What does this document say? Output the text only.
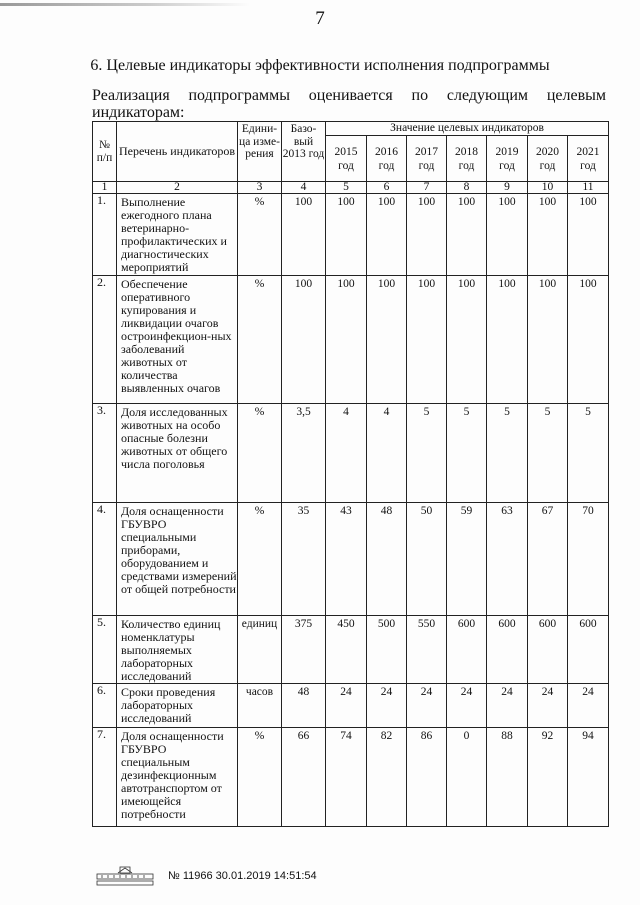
7
6. Целевые индикаторы эффективности исполнения подпрограммы
Реализация подпрограммы оценивается по следующим целевым
индикаторам:
№ п/п	Перечень индикаторов	Едини-ца изме-рения	Базо-вый 2013 год	Значение целевых индикаторов						
				2015 год	2016 год	2017 год	2018 год	2019 год	2020 год	2021 год
1	2	3	4	5	6	7	8	9	10	11
1.	Выполнение ежегодного плана ветеринарно-профилактических и диагностических мероприятий	%	100	100	100	100	100	100	100	100
2.	Обеспечение оперативного купирования и ликвидации очагов остроинфекцион-ных заболеваний животных от количества выявленных очагов	%	100	100	100	100	100	100	100	100
3.	Доля исследованных животных на особо опасные болезни животных от общего числа поголовья	%	3,5	4	4	5	5	5	5	5
4.	Доля оснащенности ГБУВРО специальными приборами, оборудованием и средствами измерений от общей потребности	%	35	43	48	50	59	63	67	70
5.	Количество единиц номенклатуры выполняемых лабораторных исследований	единиц	375	450	500	550	600	600	600	600
6.	Сроки проведения лабораторных исследований	часов	48	24	24	24	24	24	24	24
7.	Доля оснащенности ГБУВРО специальным дезинфекционным автотранспортом от имеющейся потребности	%	66	74	82	86	0	88	92	94
№ 11966 30.01.2019 14:51:54
